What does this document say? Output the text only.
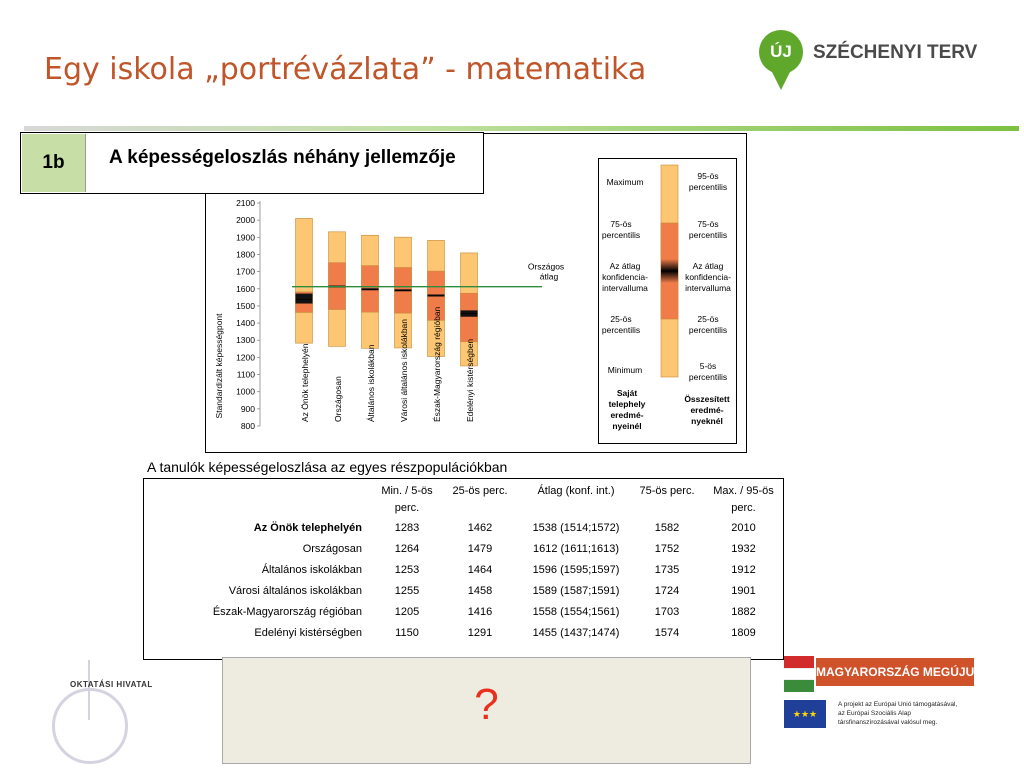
Egy iskola „portrévázlata” - matematika
ÚJ	SZÉCHENYI TERV
800
900
1000
1100
1200
1300
1400
1500
1600
1700
1800
1900
2000
2100
Országos
átlag
Az Önök telephelyén	Országosan	Általános iskolákban	Városi általános iskolákban	Észak-Magyarország régióban	Edelényi kistérségben
Standardizált képességpont
Maximum
75-ös
percentilis
Az átlag
konfidencia-
intervalluma
25-ös
percentilis
Minimum
Saját
telephely
eredmé-
nyeinél
95-ös
percentilis
75-ös
percentilis
Az átlag
konfidencia-
intervalluma
25-ös
percentilis
5-ös
percentilis
Összesített
eredmé-
nyeknél
1b	A képességeloszlás néhány jellemzője
A tanulók képességeloszlása az egyes részpopulációkban
	Min. / 5-ös perc.	25-ös perc.	Átlag (konf. int.)	75-ös perc.	Max. / 95-ös perc.
Az Önök telephelyén	1283	1462	1538 (1514;1572)	1582	2010
Országosan	1264	1479	1612 (1611;1613)	1752	1932
Általános iskolákban	1253	1464	1596 (1595;1597)	1735	1912
Városi általános iskolákban	1255	1458	1589 (1587;1591)	1724	1901
Észak-Magyarország régióban	1205	1416	1558 (1554;1561)	1703	1882
Edelényi kistérségben	1150	1291	1455 (1437;1474)	1574	1809
OKTATÁSI HIVATAL	?
MAGYARORSZÁG MEGÚJUL
★★★
A projekt az Európai Unió támogatásával,
az Európai Szociális Alap
társfinanszírozásával valósul meg.
